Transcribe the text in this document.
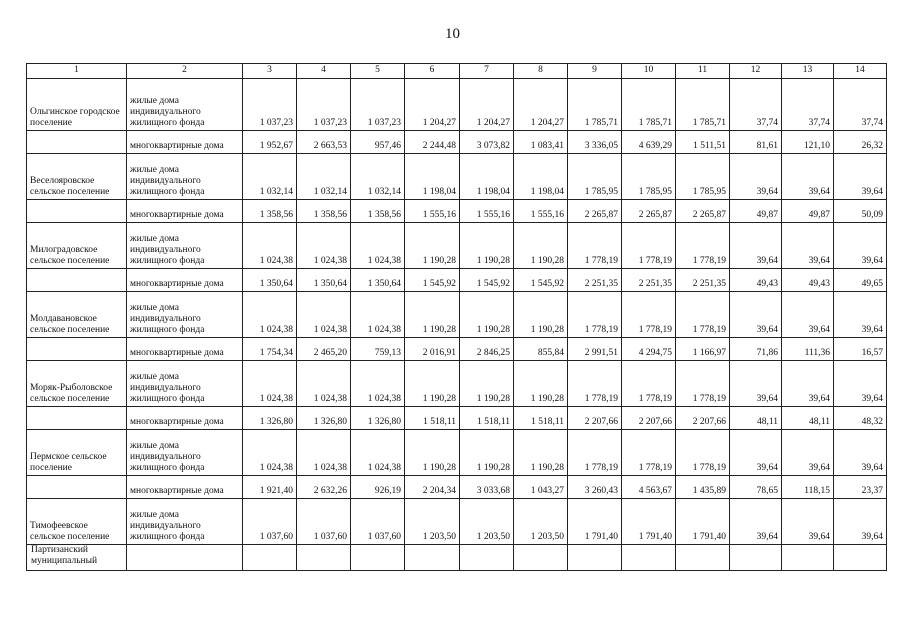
10
1	2	3	4	5	6	7	8	9	10	11	12	13	14
Ольгинское городское поселение	жилые дома индивидуального жилищного фонда	1 037,23	1 037,23	1 037,23	1 204,27	1 204,27	1 204,27	1 785,71	1 785,71	1 785,71	37,74	37,74	37,74
	многоквартирные дома	1 952,67	2 663,53	957,46	2 244,48	3 073,82	1 083,41	3 336,05	4 639,29	1 511,51	81,61	121,10	26,32
Веселояровское сельское поселение	жилые дома индивидуального жилищного фонда	1 032,14	1 032,14	1 032,14	1 198,04	1 198,04	1 198,04	1 785,95	1 785,95	1 785,95	39,64	39,64	39,64
	многоквартирные дома	1 358,56	1 358,56	1 358,56	1 555,16	1 555,16	1 555,16	2 265,87	2 265,87	2 265,87	49,87	49,87	50,09
Милоградовское сельское поселение	жилые дома индивидуального жилищного фонда	1 024,38	1 024,38	1 024,38	1 190,28	1 190,28	1 190,28	1 778,19	1 778,19	1 778,19	39,64	39,64	39,64
	многоквартирные дома	1 350,64	1 350,64	1 350,64	1 545,92	1 545,92	1 545,92	2 251,35	2 251,35	2 251,35	49,43	49,43	49,65
Молдавановское сельское поселение	жилые дома индивидуального жилищного фонда	1 024,38	1 024,38	1 024,38	1 190,28	1 190,28	1 190,28	1 778,19	1 778,19	1 778,19	39,64	39,64	39,64
	многоквартирные дома	1 754,34	2 465,20	759,13	2 016,91	2 846,25	855,84	2 991,51	4 294,75	1 166,97	71,86	111,36	16,57
Моряк-Рыболовское сельское поселение	жилые дома индивидуального жилищного фонда	1 024,38	1 024,38	1 024,38	1 190,28	1 190,28	1 190,28	1 778,19	1 778,19	1 778,19	39,64	39,64	39,64
	многоквартирные дома	1 326,80	1 326,80	1 326,80	1 518,11	1 518,11	1 518,11	2 207,66	2 207,66	2 207,66	48,11	48,11	48,32
Пермское сельское поселение	жилые дома индивидуального жилищного фонда	1 024,38	1 024,38	1 024,38	1 190,28	1 190,28	1 190,28	1 778,19	1 778,19	1 778,19	39,64	39,64	39,64
	многоквартирные дома	1 921,40	2 632,26	926,19	2 204,34	3 033,68	1 043,27	3 260,43	4 563,67	1 435,89	78,65	118,15	23,37
Тимофеевское сельское поселение	жилые дома индивидуального жилищного фонда	1 037,60	1 037,60	1 037,60	1 203,50	1 203,50	1 203,50	1 791,40	1 791,40	1 791,40	39,64	39,64	39,64
Партизанский муниципальный													
